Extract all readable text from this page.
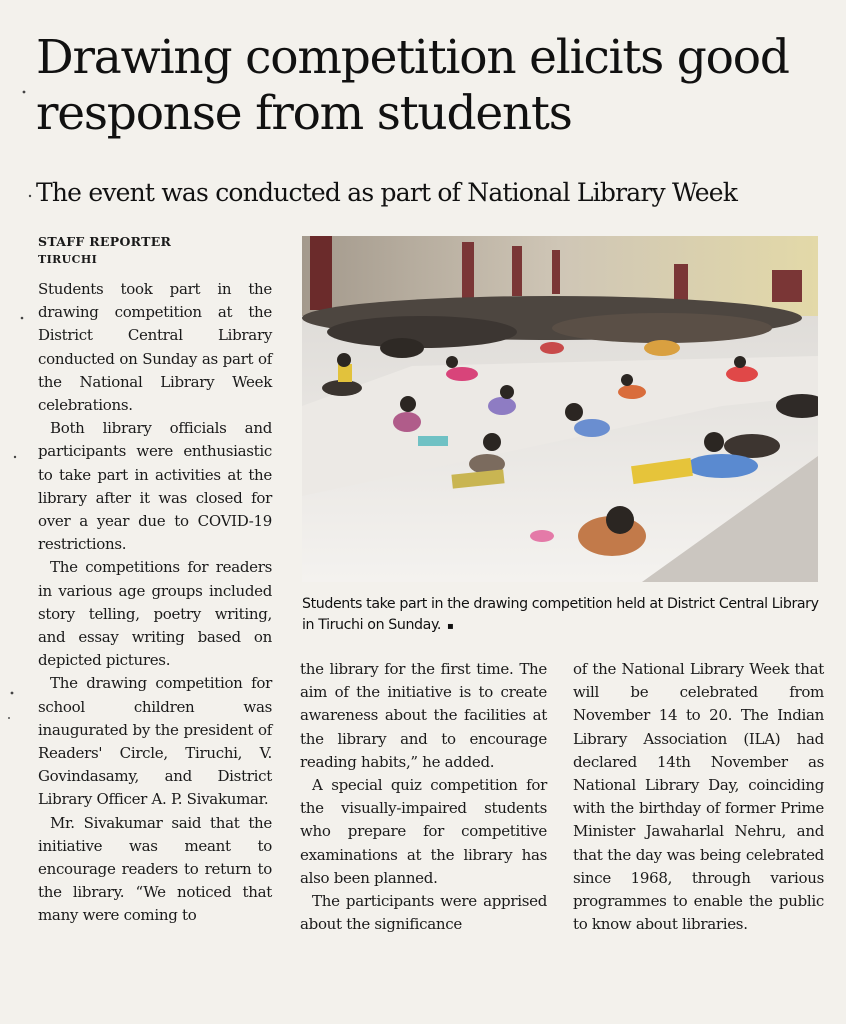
Drawing competition elicits good response from students
The event was conducted as part of National Library Week
STAFF REPORTER
TIRUCHI

Students took part in the drawing competition at the District Central Library conducted on Sunday as part of the National Library Week celebrations.

Both library officials and participants were enthusiastic to take part in activities at the library after it was closed for over a year due to COVID-19 restrictions.

The competitions for readers in various age groups included story telling, poetry writing, and essay writing based on depicted pictures.

The drawing competition for school children was inaugurated by the president of Readers' Circle, Tiruchi, V. Govindasamy, and District Library Officer A. P. Sivakumar.

Mr. Sivakumar said that the initiative was meant to encourage readers to return to the library. “We noticed that many were coming to

Students take part in the drawing competition held at District Central Library in Tiruchi on Sunday. ▪

the library for the first time. The aim of the initiative is to create awareness about the facilities at the library and to encourage reading habits,” he added.

A special quiz competition for the visually-impaired students who prepare for competitive examinations at the library has also been planned.

The participants were apprised about the significance

of the National Library Week that will be celebrated from November 14 to 20. The Indian Library Association (ILA) had declared 14th November as National Library Day, coinciding with the birthday of former Prime Minister Jawaharlal Nehru, and that the day was being celebrated since 1968, through various programmes to enable the public to know about libraries.
